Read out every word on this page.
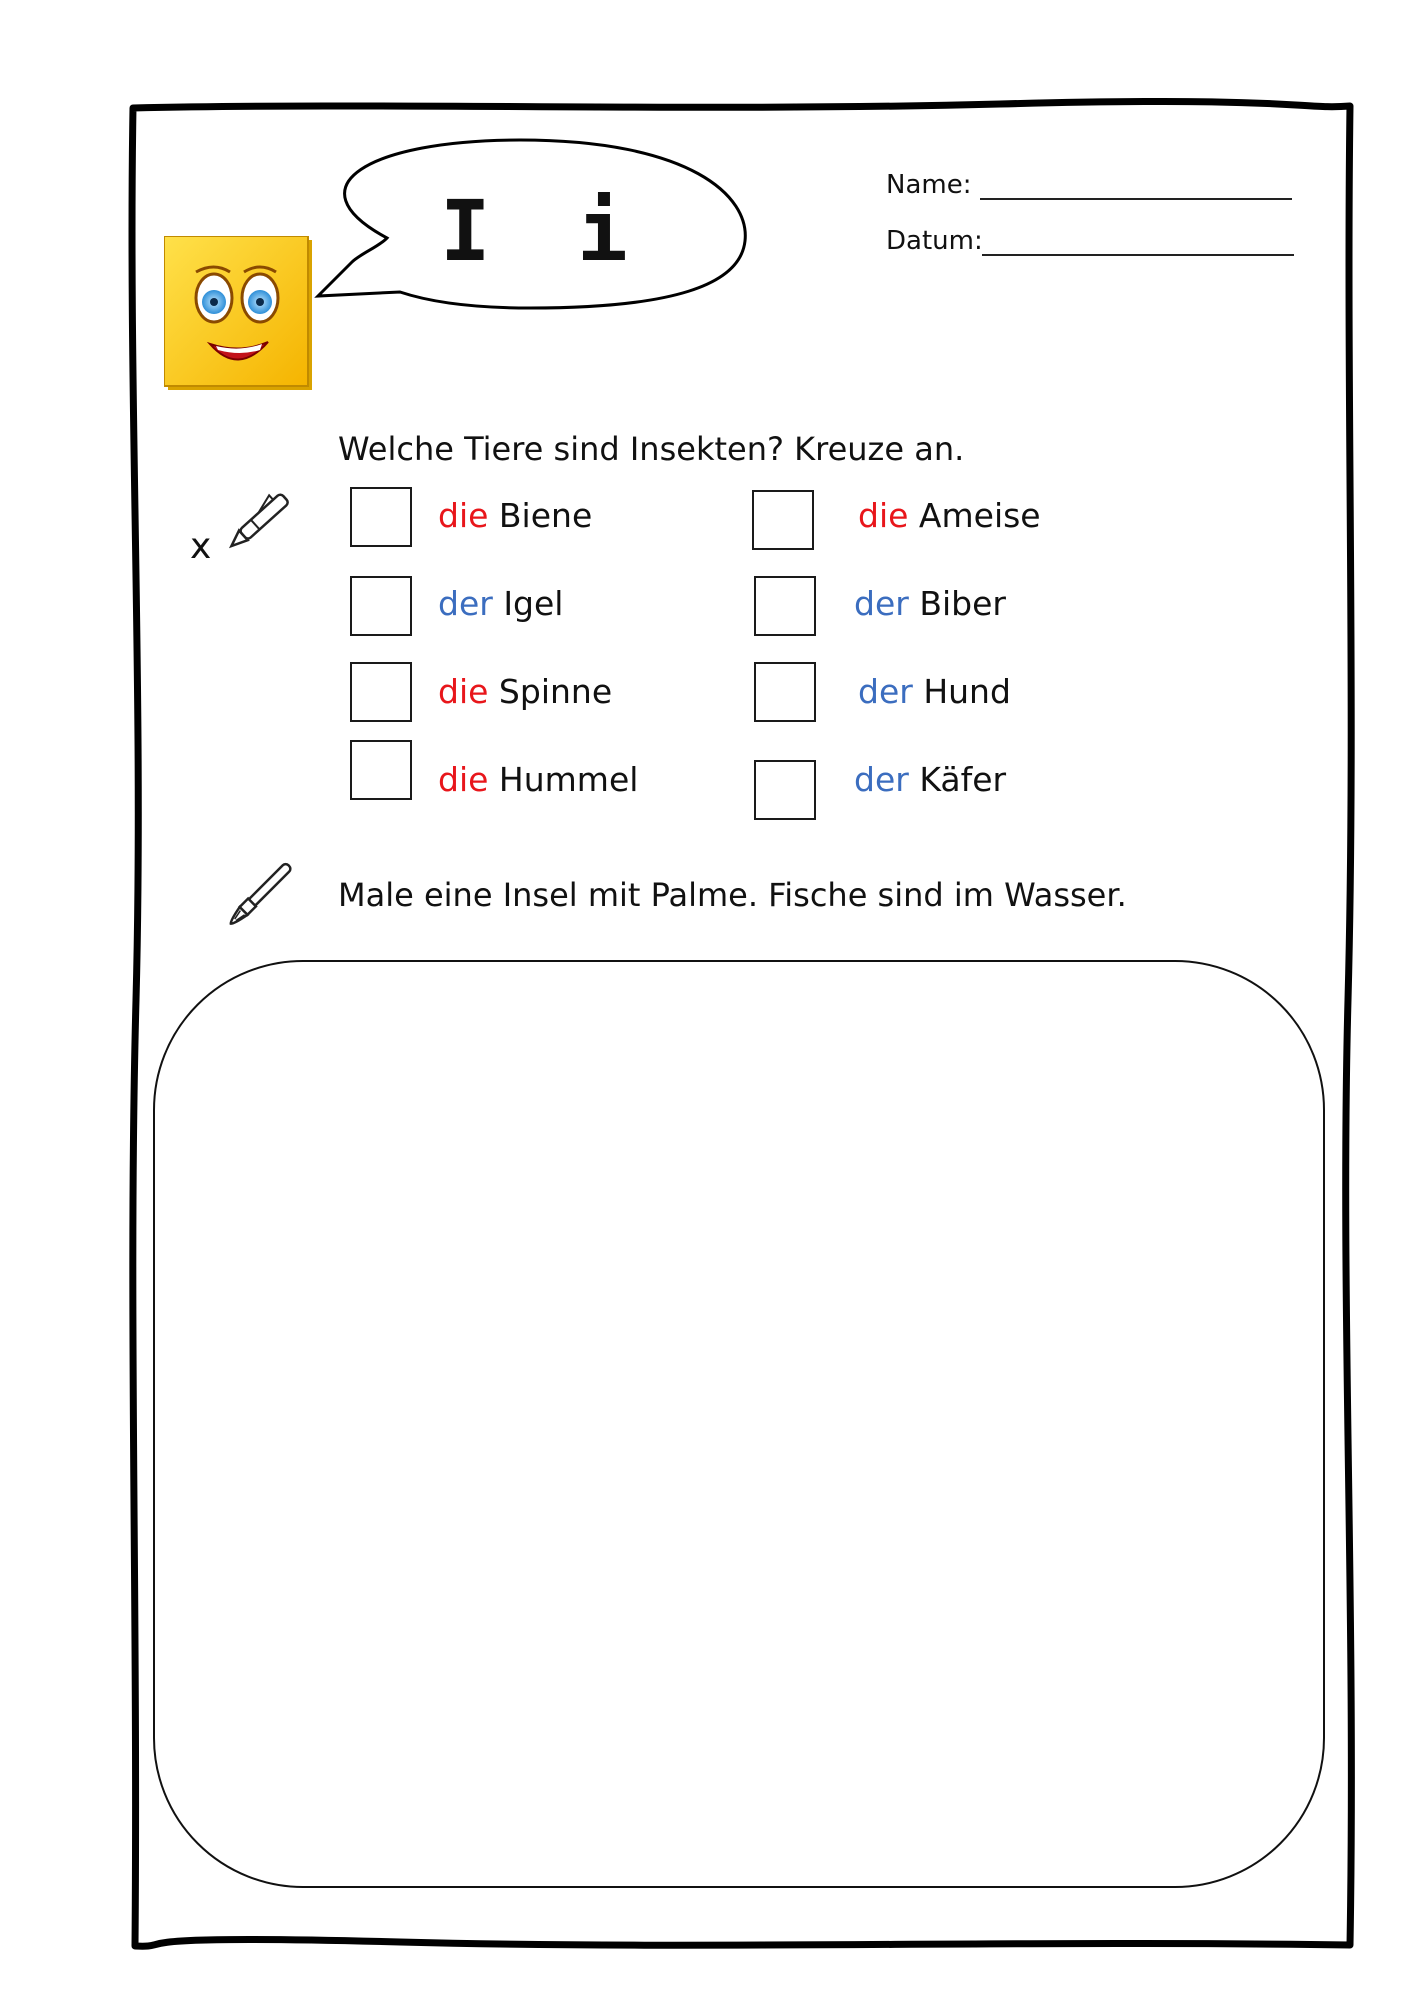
I i	Name:
Datum:
Welche Tiere sind Insekten? Kreuze an.
x
die Biene	die Ameise
der Igel	der Biber
die Spinne	der Hund
die Hummel	der Käfer
Male eine Insel mit Palme. Fische sind im Wasser.
